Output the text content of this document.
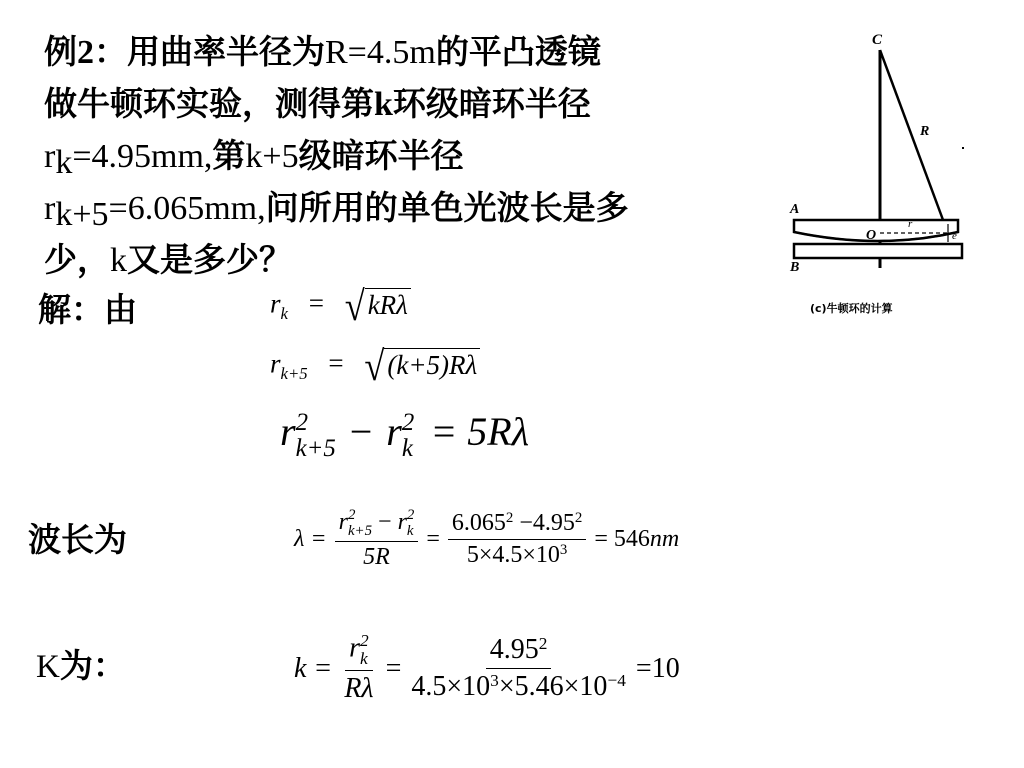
例2：用曲率半径为R=4.5m的平凸透镜
做牛顿环实验，测得第k环级暗环半径
$r_k=4.95mm$,第k+5级暗环半径
$r_{k+5}=6.065mm$,问所用的单色光波长是多
少，k又是多少？
C
R
A
O
r
e
B
(c)牛顿环的计算
解：由	$r_k$ = √ kRλ
$r_{k+5}$ = √ (k+5)Rλ
r 2
k+5 − r 2
k = 5Rλ
波长为	λ = r 2
k+5 − r 2
k
$5R = \frac{6.065^2 -4.95^2}{5\times 4.5\times 10^3} = 546$ nm
K为：	k = r 2
k
$R\lambda = \frac{4.95^2}{4.5\times 10^3\times 5.46\times 10^{-4}} =10$
